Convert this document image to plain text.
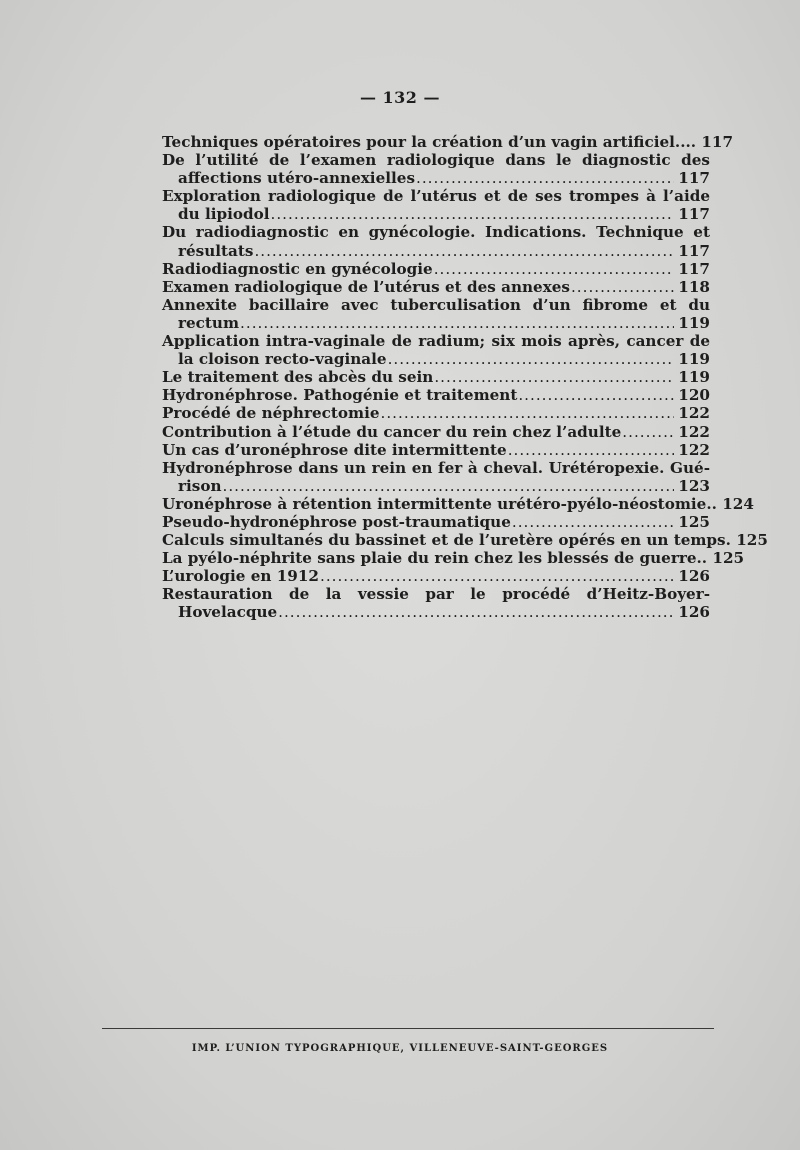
— 132 —
Techniques opératoires pour la création d’un vagin artificiel.... 117
De l’utilité de l’examen radiologique dans le diagnostic des
affections utéro-annexielles .....	117
Exploration radiologique de l’utérus et de ses trompes à l’aide
du lipiodol .....	117
Du radiodiagnostic en gynécologie. Indications. Technique et
résultats .....	117
Radiodiagnostic en gynécologie .....	117
Examen radiologique de l’utérus et des annexes .....	118
Annexite bacillaire avec tuberculisation d’un fibrome et du
rectum .....	119
Application intra-vaginale de radium; six mois après, cancer de
la cloison recto-vaginale .....	119
Le traitement des abcès du sein .....	119
Hydronéphrose. Pathogénie et traitement .....	120
Procédé de néphrectomie .....	122
Contribution à l’étude du cancer du rein chez l’adulte .....	122
Un cas d’uronéphrose dite intermittente .....	122
Hydronéphrose dans un rein en fer à cheval. Urétéropexie. Gué-
rison .....	123
Uronéphrose à rétention intermittente urétéro-pyélo-néostomie.. 124
Pseudo-hydronéphrose post-traumatique .....	125
Calculs simultanés du bassinet et de l’uretère opérés en un temps. 125
La pyélo-néphrite sans plaie du rein chez les blessés de guerre.. 125
L’urologie en 1912 .....	126
Restauration de la vessie par le procédé d’Heitz-Boyer-
Hovelacque .....	126
IMP. L’UNION TYPOGRAPHIQUE, VILLENEUVE-SAINT-GEORGES
